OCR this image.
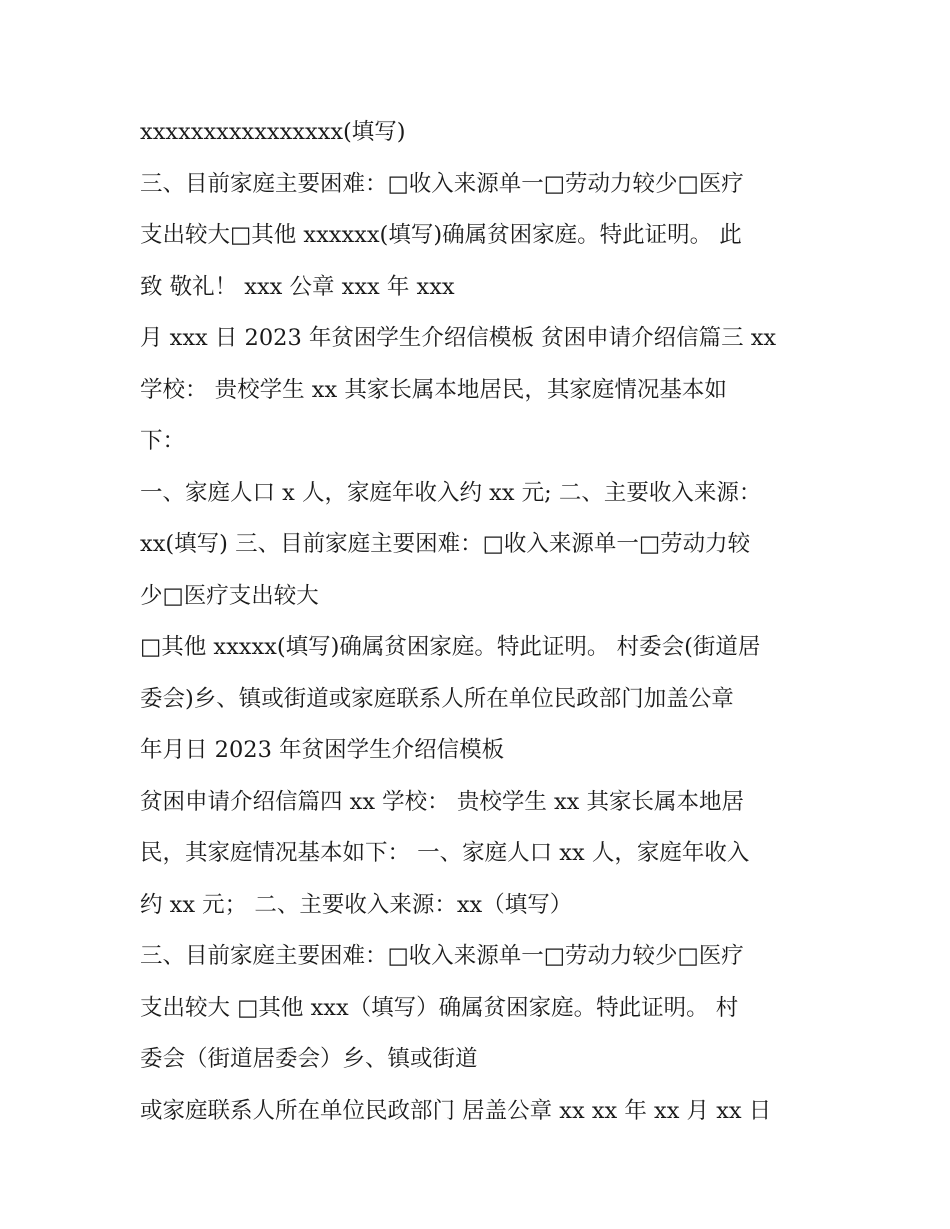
xxxxxxxxxxxxxxxx(填写)
三、目前家庭主要困难：□收入来源单一□劳动力较少□医疗
支出较大□其他 xxxxxx(填写)确属贫困家庭。特此证明。 此
致 敬礼！ xxx 公章 xxx 年 xxx
月 xxx 日 2023 年贫困学生介绍信模板 贫困申请介绍信篇三 xx
学校： 贵校学生 xx 其家长属本地居民，其家庭情况基本如
下：
一、家庭人口 x 人，家庭年收入约 xx 元; 二、主要收入来源：
xx(填写) 三、目前家庭主要困难：□收入来源单一□劳动力较
少□医疗支出较大
□其他 xxxxx(填写)确属贫困家庭。特此证明。 村委会(街道居
委会)乡、镇或街道或家庭联系人所在单位民政部门加盖公章
年月日 2023 年贫困学生介绍信模板
贫困申请介绍信篇四 xx 学校： 贵校学生 xx 其家长属本地居
民，其家庭情况基本如下： 一、家庭人口 xx 人，家庭年收入
约 xx 元； 二、主要收入来源：xx（填写）
三、目前家庭主要困难：□收入来源单一□劳动力较少□医疗
支出较大 □其他 xxx（填写）确属贫困家庭。特此证明。 村
委会（街道居委会）乡、镇或街道
或家庭联系人所在单位民政部门 居盖公章 xx xx 年 xx 月 xx 日
